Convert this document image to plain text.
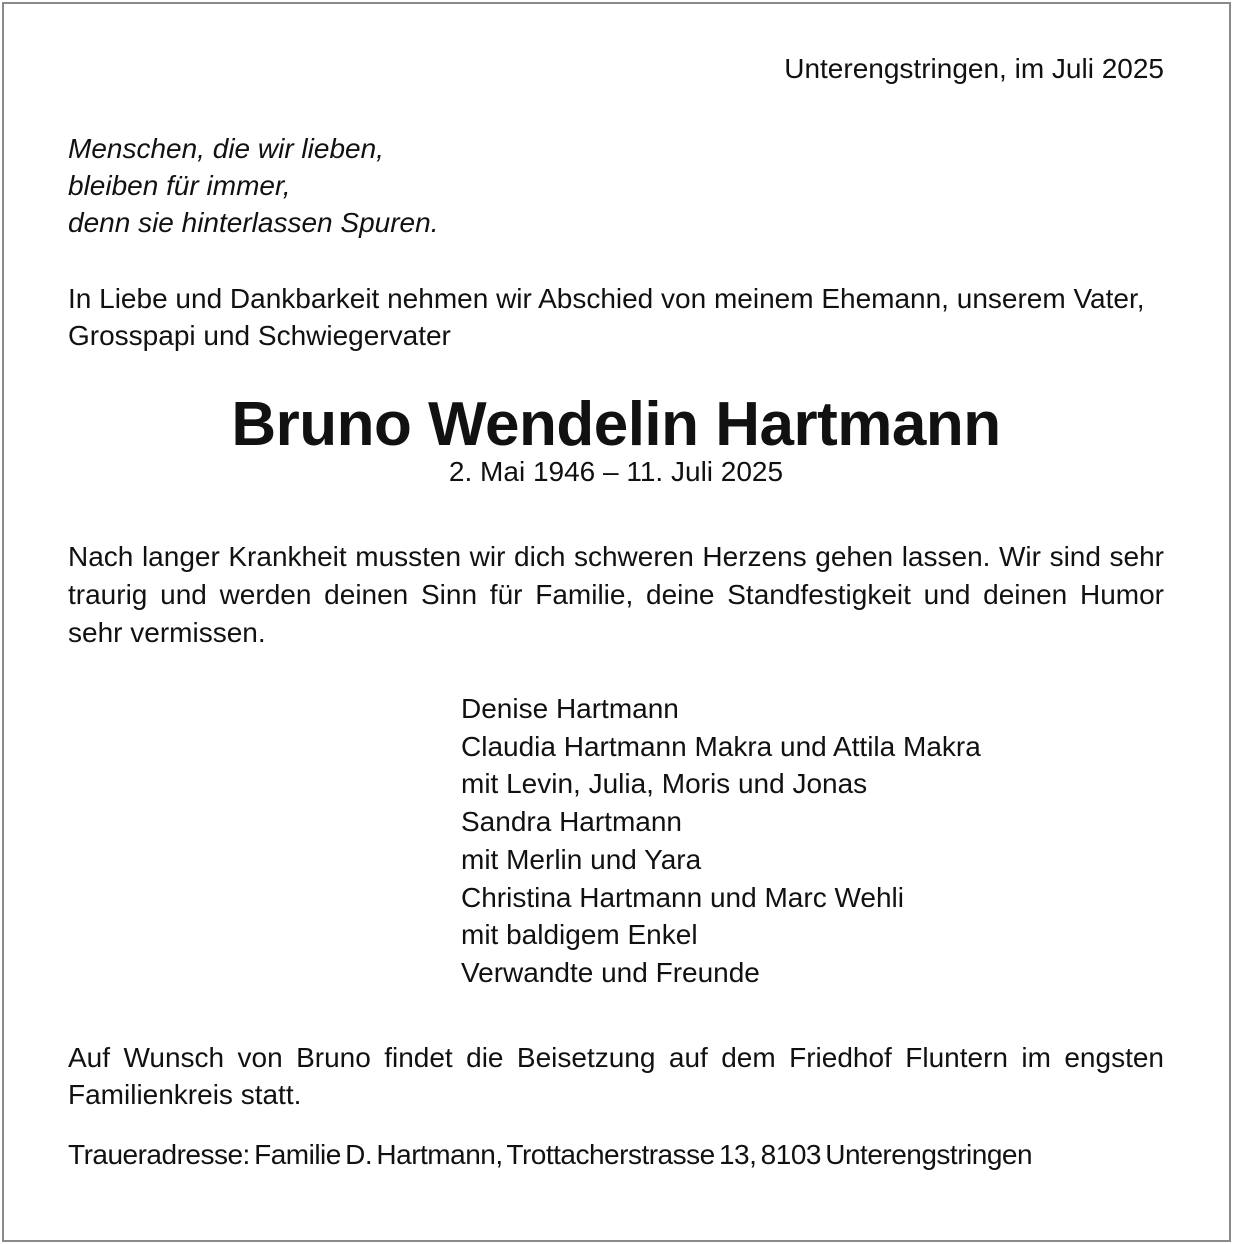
Unterengstringen, im Juli 2025

Menschen, die wir lieben,
bleiben für immer,
denn sie hinterlassen Spuren.
In Liebe und Dankbarkeit nehmen wir Abschied von meinem Ehemann, unserem Vater, Grosspapi und Schwiegervater
Bruno Wendelin Hartmann
2. Mai 1946 – 11. Juli 2025
Nach langer Krankheit mussten wir dich schweren Herzens gehen lassen. Wir sind sehr traurig und werden deinen Sinn für Familie, deine Standfestigkeit und deinen Humor sehr vermissen.
Denise Hartmann
Claudia Hartmann Makra und Attila Makra
mit Levin, Julia, Moris und Jonas
Sandra Hartmann
mit Merlin und Yara
Christina Hartmann und Marc Wehli
mit baldigem Enkel
Verwandte und Freunde
Auf Wunsch von Bruno findet die Beisetzung auf dem Friedhof Fluntern im engsten Familienkreis statt.
Traueradresse: Familie D. Hartmann, Trottacherstrasse 13, 8103 Unterengstringen
